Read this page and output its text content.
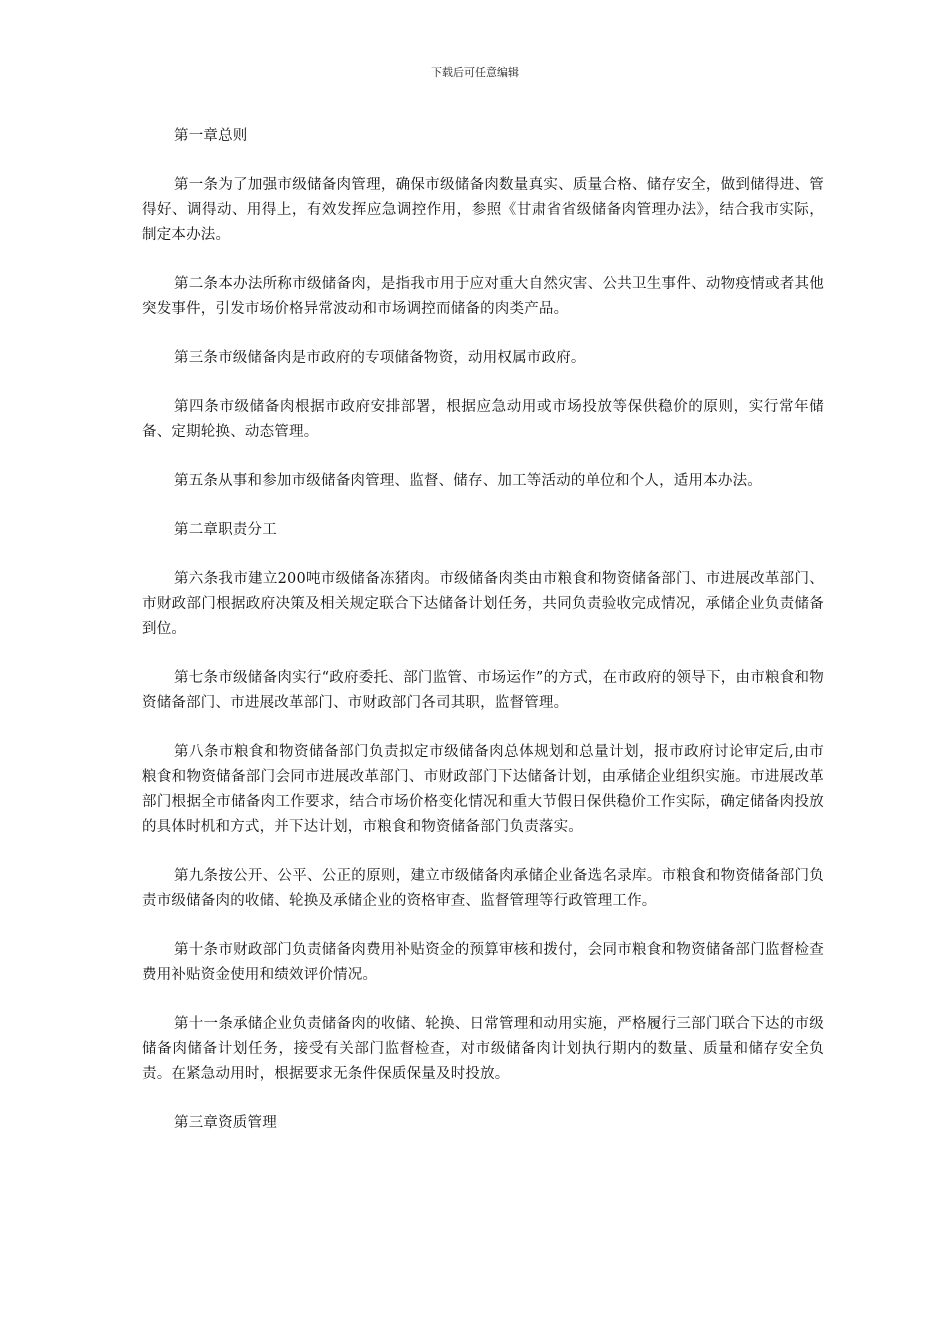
下载后可任意编辑

第一章总则

第一条为了加强市级储备肉管理，确保市级储备肉数量真实、质量合格、储存安全，做到储得进、管得好、调得动、用得上，有效发挥应急调控作用，参照《甘肃省省级储备肉管理办法》，结合我市实际，制定本办法。

第二条本办法所称市级储备肉，是指我市用于应对重大自然灾害、公共卫生事件、动物疫情或者其他突发事件，引发市场价格异常波动和市场调控而储备的肉类产品。

第三条市级储备肉是市政府的专项储备物资，动用权属市政府。

第四条市级储备肉根据市政府安排部署，根据应急动用或市场投放等保供稳价的原则，实行常年储备、定期轮换、动态管理。

第五条从事和参加市级储备肉管理、监督、储存、加工等活动的单位和个人，适用本办法。

第二章职责分工

第六条我市建立200吨市级储备冻猪肉。市级储备肉类由市粮食和物资储备部门、市进展改革部门、市财政部门根据政府决策及相关规定联合下达储备计划任务，共同负责验收完成情况，承储企业负责储备到位。

第七条市级储备肉实行“政府委托、部门监管、市场运作”的方式，在市政府的领导下，由市粮食和物资储备部门、市进展改革部门、市财政部门各司其职，监督管理。

第八条市粮食和物资储备部门负责拟定市级储备肉总体规划和总量计划，报市政府讨论审定后,由市粮食和物资储备部门会同市进展改革部门、市财政部门下达储备计划，由承储企业组织实施。市进展改革部门根据全市储备肉工作要求，结合市场价格变化情况和重大节假日保供稳价工作实际，确定储备肉投放的具体时机和方式，并下达计划，市粮食和物资储备部门负责落实。

第九条按公开、公平、公正的原则，建立市级储备肉承储企业备选名录库。市粮食和物资储备部门负责市级储备肉的收储、轮换及承储企业的资格审查、监督管理等行政管理工作。

第十条市财政部门负责储备肉费用补贴资金的预算审核和拨付，会同市粮食和物资储备部门监督检查费用补贴资金使用和绩效评价情况。

第十一条承储企业负责储备肉的收储、轮换、日常管理和动用实施，严格履行三部门联合下达的市级储备肉储备计划任务，接受有关部门监督检查，对市级储备肉计划执行期内的数量、质量和储存安全负责。在紧急动用时，根据要求无条件保质保量及时投放。

第三章资质管理
